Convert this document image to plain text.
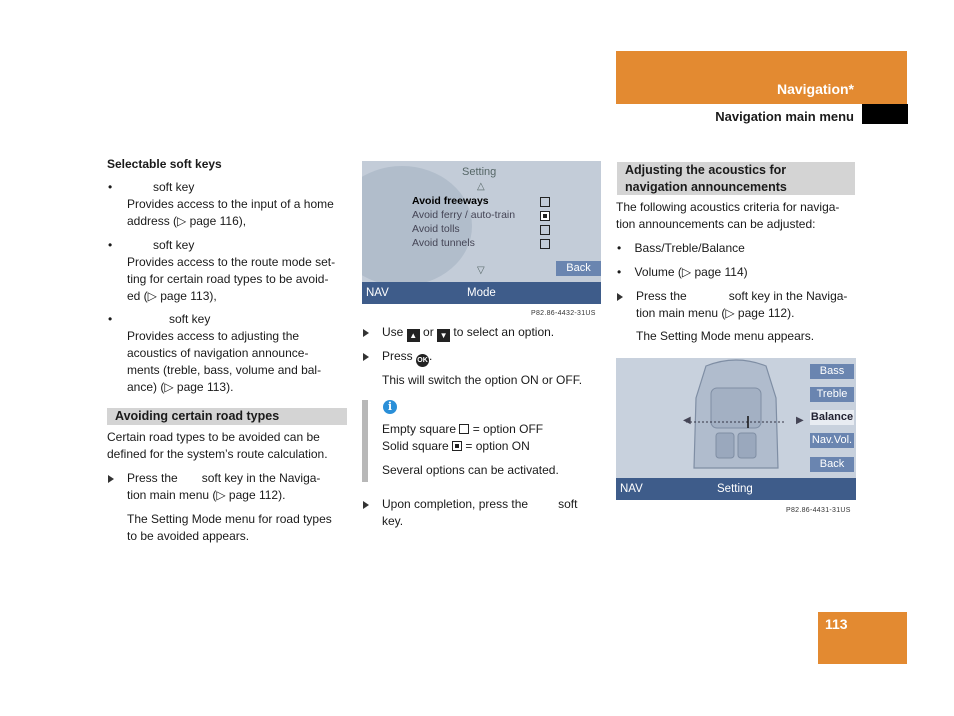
Navigation*
Navigation main menu
Selectable soft keys
•	soft key
Provides access to the input of a home
address (▷ page 116),
•	soft key
Provides access to the route mode set-
ting for certain road types to be avoid-
ed (▷ page 113),
•	soft key
Provides access to adjusting the
acoustics of navigation announce-
ments (treble, bass, volume and bal-
ance) (▷ page 113).
Avoiding certain road types
Certain road types to be avoided can be
defined for the system’s route calculation.
Press the soft key in the Naviga-
tion main menu (▷ page 112).
The Setting Mode menu for road types
to be avoided appears.
Setting
△
Avoid freeways
Avoid ferry / auto-train
Avoid tolls
Avoid tunnels
▽	Back
NAV	Mode
P82.86-4432-31US
Use ▲ or ▼ to select an option.
Press OK.
This will switch the option ON or OFF.
i
Empty square = option OFF
Solid square = option ON
Several options can be activated.
Upon completion, press the	soft
key.
Adjusting the acoustics for
navigation announcements
The following acoustics criteria for naviga-
tion announcements can be adjusted:
• Bass/Treble/Balance
• Volume (▷ page 114)
Press the	soft key in the Naviga-
tion main menu (▷ page 112).
The Setting Mode menu appears.
◀	▶
Bass
Treble
Balance
Nav.Vol.
Back
NAV	Setting
P82.86-4431-31US
113
